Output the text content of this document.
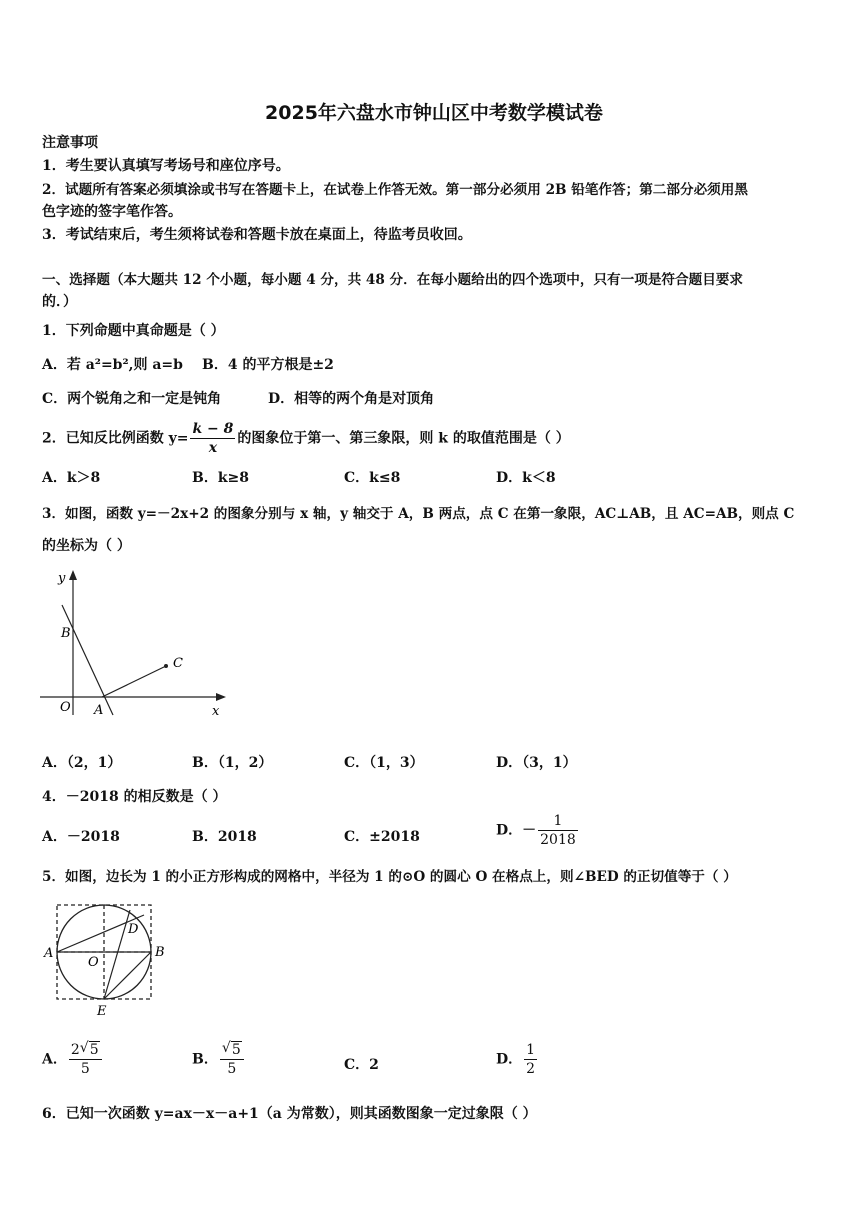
2025年六盘水市钟山区中考数学模试卷
注意事项
1．考生要认真填写考场号和座位序号。
2．试题所有答案必须填涂或书写在答题卡上，在试卷上作答无效。第一部分必须用 2B 铅笔作答；第二部分必须用黑
色字迹的签字笔作答。
3．考试结束后，考生须将试卷和答题卡放在桌面上，待监考员收回。
一、选择题（本大题共 12 个小题，每小题 4 分，共 48 分．在每小题给出的四个选项中，只有一项是符合题目要求
的．）
1．下列命题中真命题是（ ）
A．若 a²=b²,则 a=b B．4 的平方根是±2
C．两个锐角之和一定是钝角	D．相等的两个角是对顶角
2．已知反比例函数 $y= \frac{k - 8}{x}$ 的图象位于第一、第三象限，则 k 的取值范围是（ ）
A．k＞8	B．k≥8	C．k≤8	D．k＜8
3．如图，函数 y=－2x+2 的图象分别与 x 轴，y 轴交于 A，B 两点，点 C 在第一象限，AC⊥AB，且 AC=AB，则点 C
的坐标为（ ）
y
x
O A
B
C
A．（2，1）	B．（1，2）	C．（1，3）	D．（3，1）
4．－2018 的相反数是（ ）
A．－2018	B．2018	C．±2018	D．－ $\frac{1}{2018}$
5．如图，边长为 1 的小正方形构成的网格中，半径为 1 的⊙O 的圆心 O 在格点上，则∠BED 的正切值等于（ ）
A	B
D
O
E
A． $\frac{2 √ 5}{5}$	B． $\frac{√ 5}{5}$	C．2	D． $\frac{1}{2}$
6．已知一次函数 y=ax－x－a+1（a 为常数），则其函数图象一定过象限（ ）
